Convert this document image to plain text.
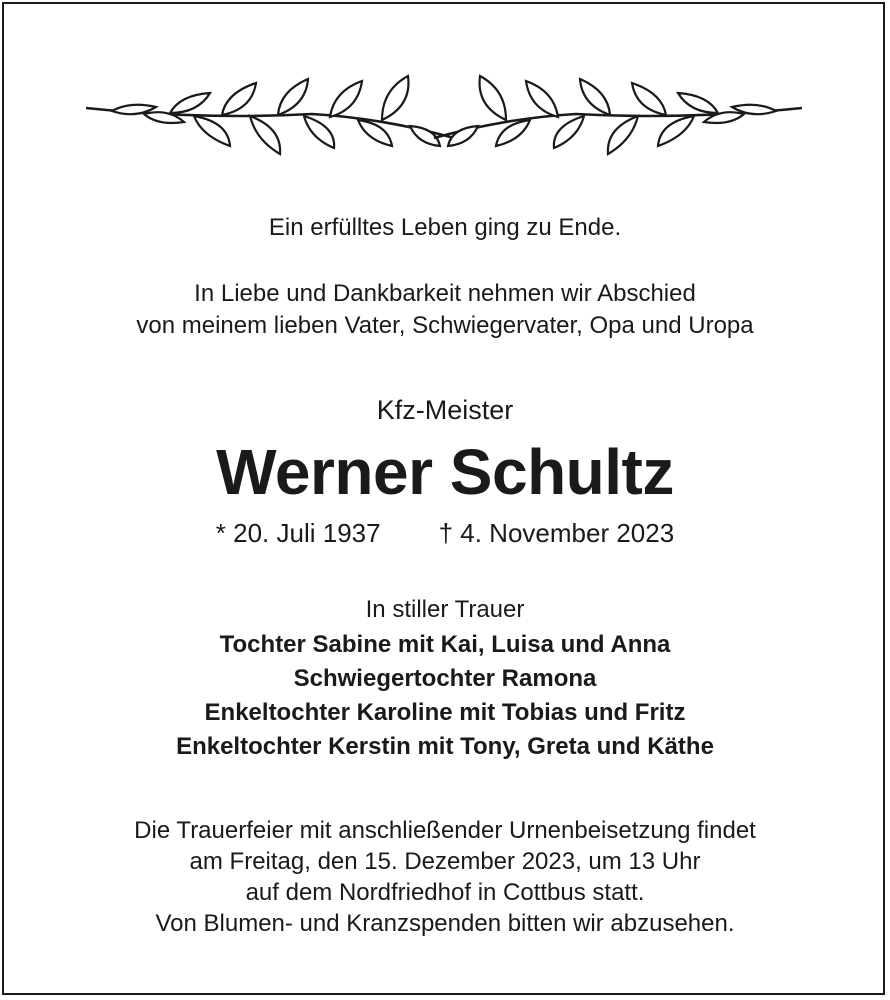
Ein erfülltes Leben ging zu Ende.
In Liebe und Dankbarkeit nehmen wir Abschied
von meinem lieben Vater, Schwiegervater, Opa und Uropa
Kfz-Meister
Werner Schultz
* 20. Juli 1937 † 4. November 2023
In stiller Trauer
Tochter Sabine mit Kai, Luisa und Anna
Schwiegertochter Ramona
Enkeltochter Karoline mit Tobias und Fritz
Enkeltochter Kerstin mit Tony, Greta und Käthe
Die Trauerfeier mit anschließender Urnenbeisetzung findet
am Freitag, den 15. Dezember 2023, um 13 Uhr
auf dem Nordfriedhof in Cottbus statt.
Von Blumen- und Kranzspenden bitten wir abzusehen.
